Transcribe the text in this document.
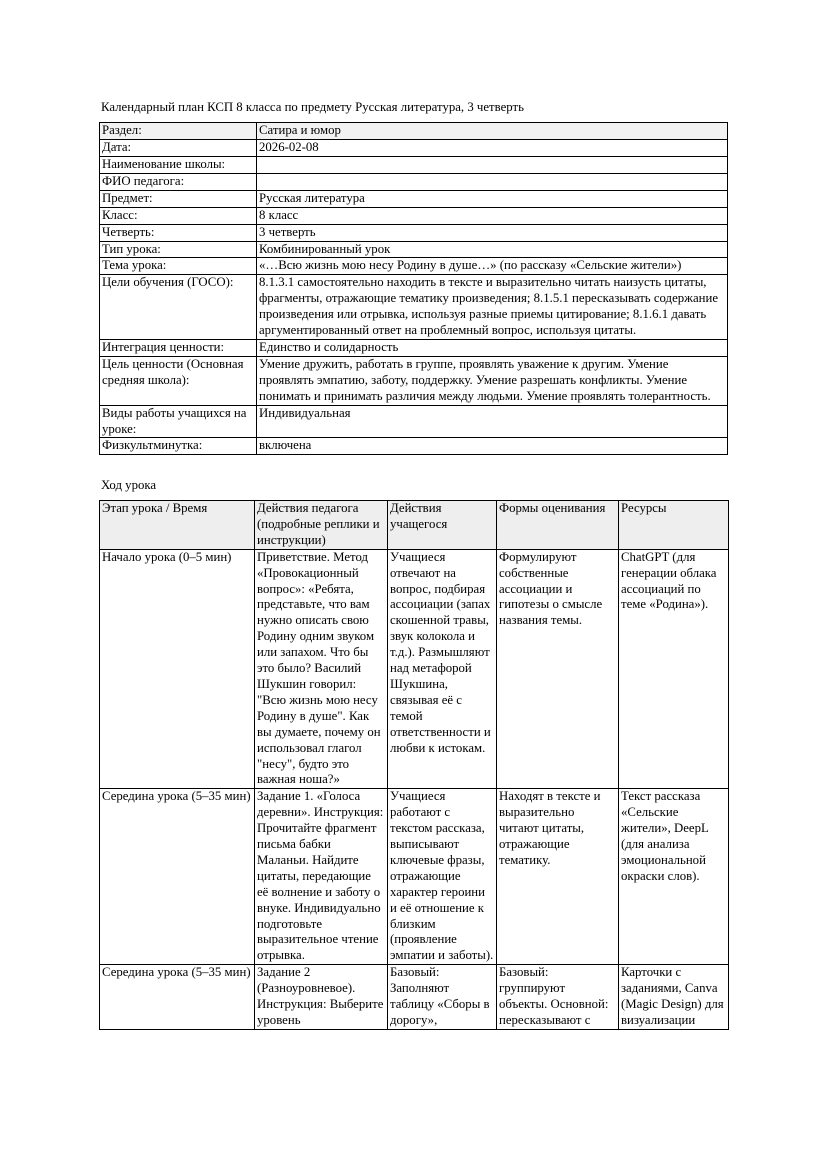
Календарный план КСП 8 класса по предмету Русская литература, 3 четверть
Раздел:	Сатира и юмор
Дата:	2026-02-08
Наименование школы:	
ФИО педагога:	
Предмет:	Русская литература
Класс:	8 класс
Четверть:	3 четверть
Тип урока:	Комбинированный урок
Тема урока:	«…Всю жизнь мою несу Родину в душе…» (по рассказу «Сельские жители»)
Цели обучения (ГОСО):	8.1.3.1 самостоятельно находить в тексте и выразительно читать наизусть цитаты, фрагменты, отражающие тематику произведения; 8.1.5.1 пересказывать содержание произведения или отрывка, используя разные приемы цитирование; 8.1.6.1 давать аргументированный ответ на проблемный вопрос, используя цитаты.
Интеграция ценности:	Единство и солидарность
Цель ценности (Основная средняя школа):	Умение дружить, работать в группе, проявлять уважение к другим. Умение проявлять эмпатию, заботу, поддержку. Умение разрешать конфликты. Умение понимать и принимать различия между людьми. Умение проявлять толерантность.
Виды работы учащихся на уроке:	Индивидуальная
Физкультминутка:	включена
Ход урока
Этап урока / Время	Действия педагога (подробные реплики и инструкции)	Действия учащегося	Формы оценивания	Ресурсы
Начало урока (0–5 мин)	Приветствие. Метод «Провокационный вопрос»: «Ребята, представьте, что вам нужно описать свою Родину одним звуком или запахом. Что бы это было? Василий Шукшин говорил: "Всю жизнь мою несу Родину в душе". Как вы думаете, почему он использовал глагол "несу", будто это важная ноша?»	Учащиеся отвечают на вопрос, подбирая ассоциации (запах скошенной травы, звук колокола и т.д.). Размышляют над метафорой Шукшина, связывая её с темой ответственности и любви к истокам.	Формулируют собственные ассоциации и гипотезы о смысле названия темы.	ChatGPT (для генерации облака ассоциаций по теме «Родина»).
Середина урока (5–35 мин)	Задание 1. «Голоса деревни». Инструкция: Прочитайте фрагмент письма бабки Маланьи. Найдите цитаты, передающие её волнение и заботу о внуке. Индивидуально подготовьте выразительное чтение отрывка.	Учащиеся работают с текстом рассказа, выписывают ключевые фразы, отражающие характер героини и её отношение к близким (проявление эмпатии и заботы).	Находят в тексте и выразительно читают цитаты, отражающие тематику.	Текст рассказа «Сельские жители», DeepL (для анализа эмоциональной окраски слов).
Середина урока (5–35 мин)	Задание 2 (Разноуровневое). Инструкция: Выберите уровень	Базовый: Заполняют таблицу «Сборы в дорогу»,	Базовый: группируют объекты. Основной: пересказывают с	Карточки с заданиями, Canva (Magic Design) для визуализации
